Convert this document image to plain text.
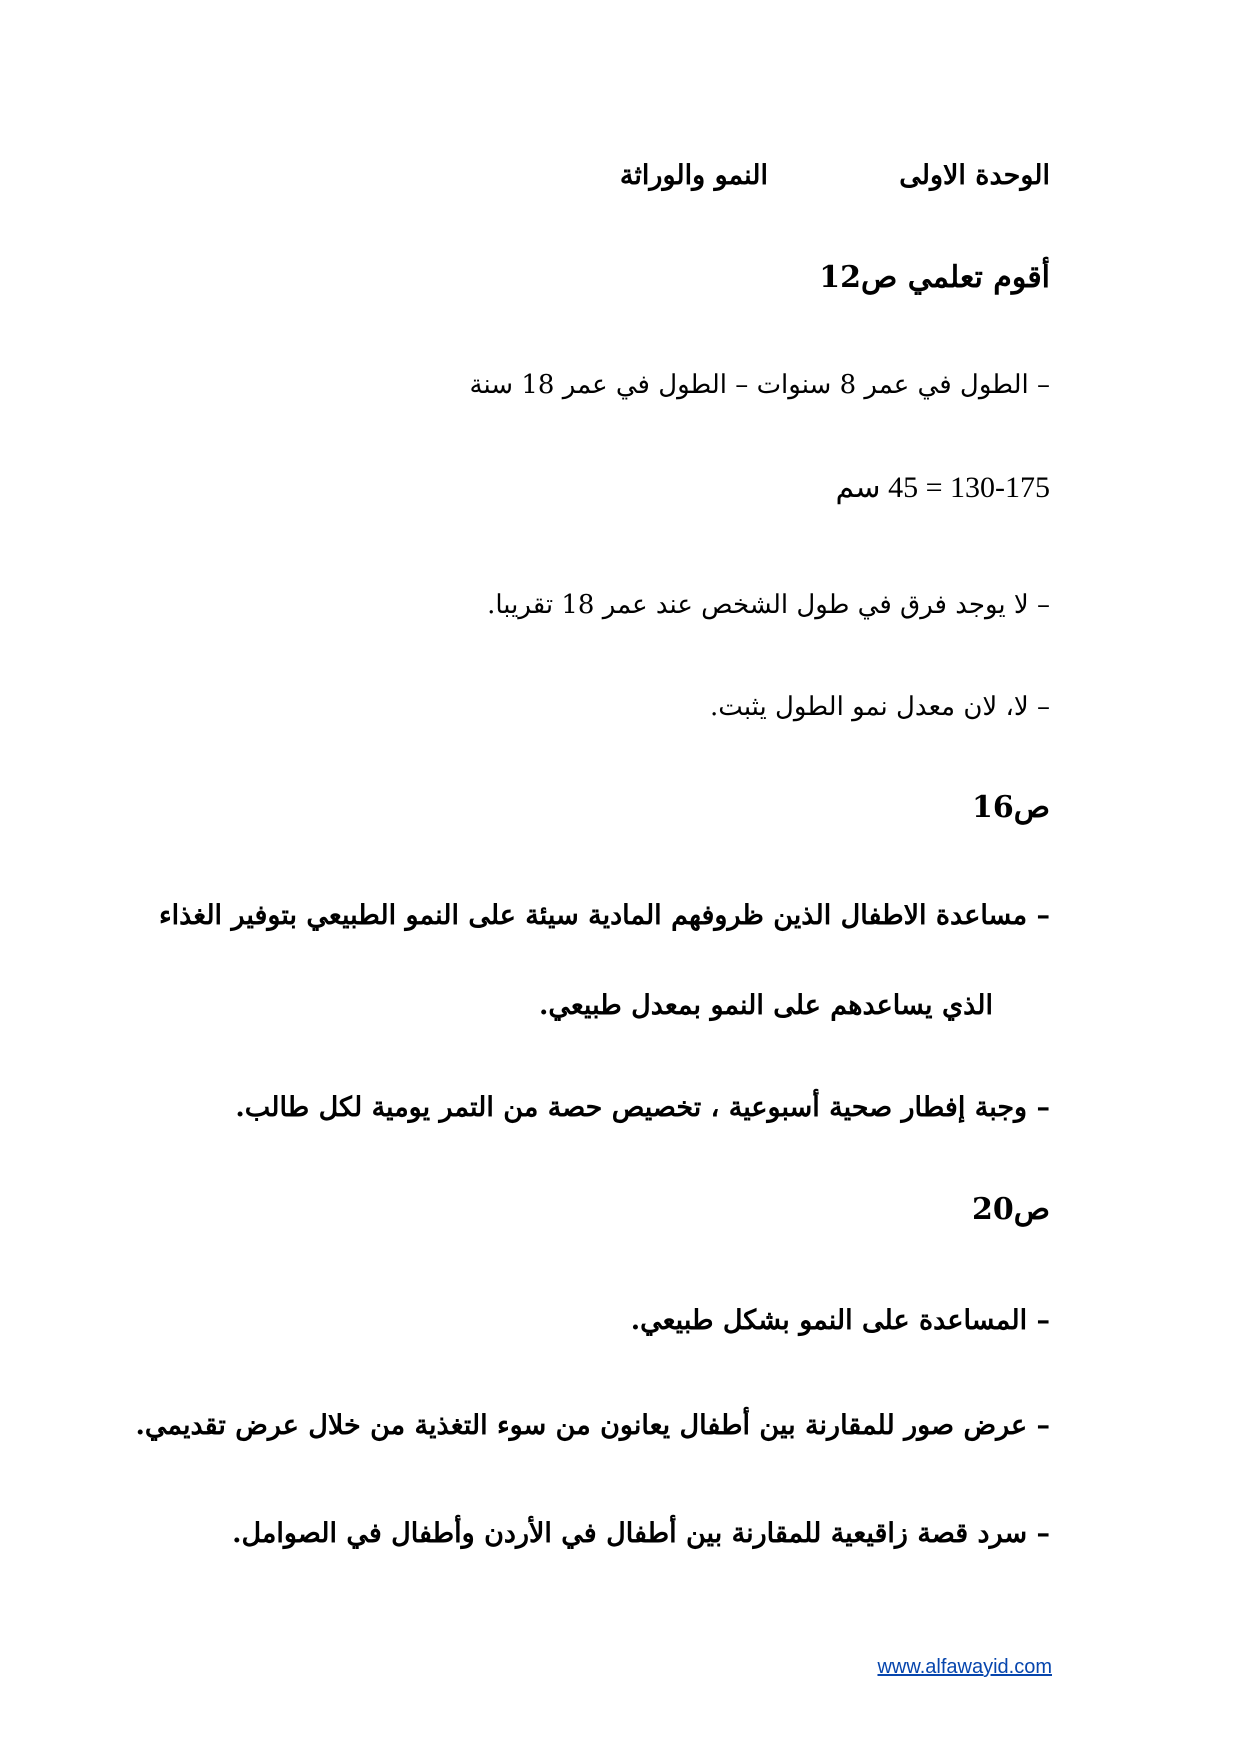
الوحدة الاولى
النمو والوراثة
أقوم تعلمي ص12
– الطول في عمر 8 سنوات – الطول في عمر 18 سنة
130-175 = 45 سم
– لا يوجد فرق في طول الشخص عند عمر 18 تقريبا.
– لا، لان معدل نمو الطول يثبت.
ص16
– مساعدة الاطفال الذين ظروفهم المادية سيئة على النمو الطبيعي بتوفير الغذاء
الذي يساعدهم على النمو بمعدل طبيعي.
– وجبة إفطار صحية أسبوعية ، تخصيص حصة من التمر يومية لكل طالب.
ص20
– المساعدة على النمو بشكل طبيعي.
– عرض صور للمقارنة بين أطفال يعانون من سوء التغذية من خلال عرض تقديمي.
– سرد قصة زاقيعية للمقارنة بين أطفال في الأردن وأطفال في الصوامل.
www.alfawayid.com
